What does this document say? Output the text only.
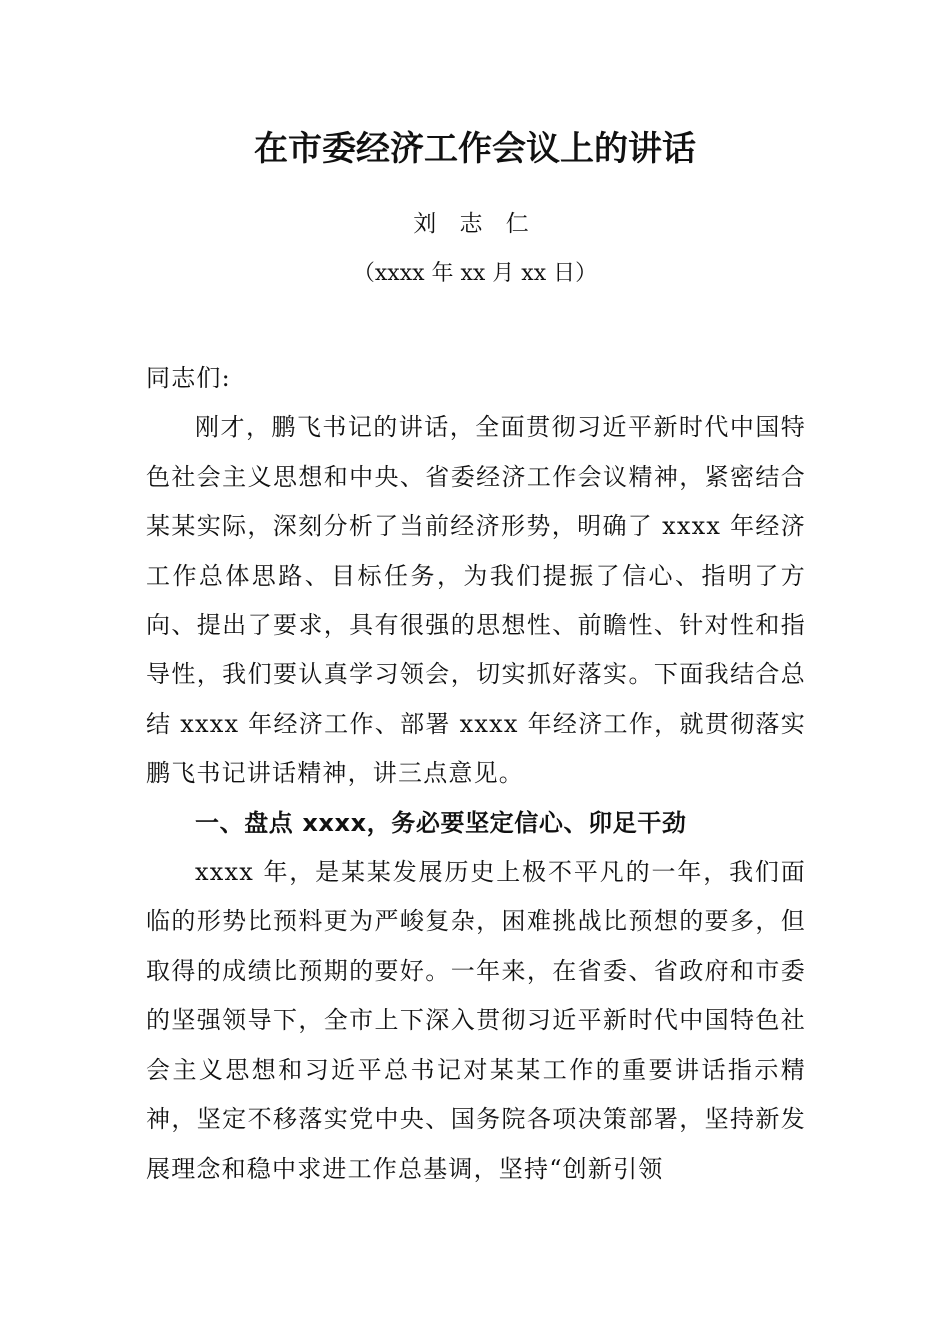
在市委经济工作会议上的讲话
刘 志 仁
（xxxx 年 xx 月 xx 日）

同志们:

刚才，鹏飞书记的讲话，全面贯彻习近平新时代中国特色社会主义思想和中央、省委经济工作会议精神，紧密结合某某实际，深刻分析了当前经济形势，明确了 xxxx 年经济工作总体思路、目标任务，为我们提振了信心、指明了方向、提出了要求，具有很强的思想性、前瞻性、针对性和指导性，我们要认真学习领会，切实抓好落实。下面我结合总结 xxxx 年经济工作、部署 xxxx 年经济工作，就贯彻落实鹏飞书记讲话精神，讲三点意见。

一、盘点 xxxx，务必要坚定信心、卯足干劲

xxxx 年，是某某发展历史上极不平凡的一年，我们面临的形势比预料更为严峻复杂，困难挑战比预想的要多，但取得的成绩比预期的要好。一年来，在省委、省政府和市委的坚强领导下，全市上下深入贯彻习近平新时代中国特色社会主义思想和习近平总书记对某某工作的重要讲话指示精神，坚定不移落实党中央、国务院各项决策部署，坚持新发展理念和稳中求进工作总基调，坚持“创新引领
